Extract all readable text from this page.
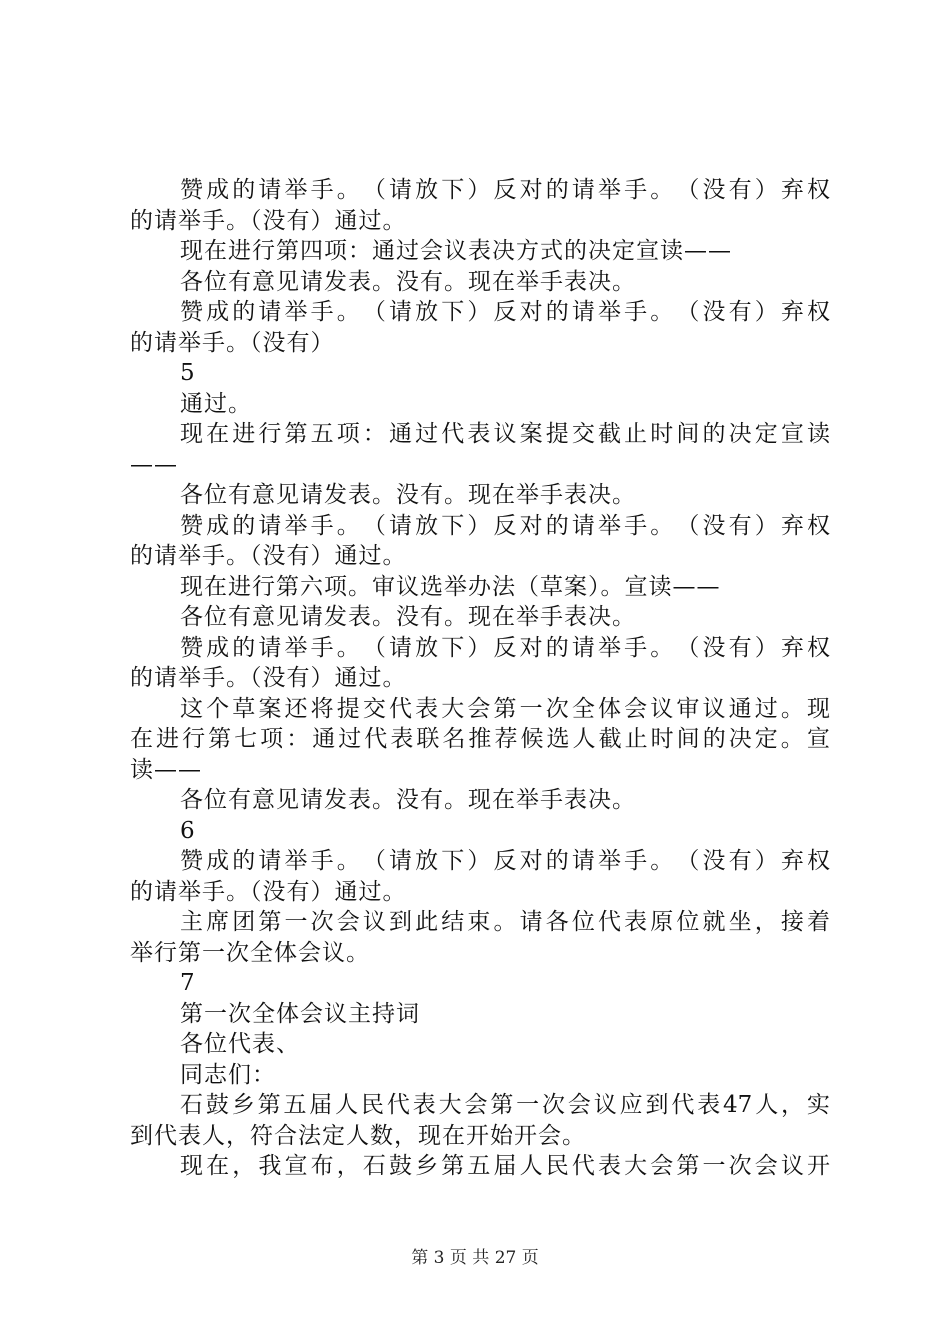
赞 成 的 请 举 手 。 （ 请 放 下 ） 反 对 的 请 举 手 。 （ 没 有 ） 弃 权
的请举手。（没有）通过。
现在进行第四项：通过会议表决方式的决定宣读——
各位有意见请发表。没有。现在举手表决。
赞 成 的 请 举 手 。 （ 请 放 下 ） 反 对 的 请 举 手 。 （ 没 有 ） 弃 权
的请举手。（没有）
5
通过。
现 在 进 行 第 五 项 ： 通 过 代 表 议 案 提 交 截 止 时 间 的 决 定 宣 读
——
各位有意见请发表。没有。现在举手表决。
赞 成 的 请 举 手 。 （ 请 放 下 ） 反 对 的 请 举 手 。 （ 没 有 ） 弃 权
的请举手。（没有）通过。
现在进行第六项。审议选举办法（草案）。宣读——
各位有意见请发表。没有。现在举手表决。
赞 成 的 请 举 手 。 （ 请 放 下 ） 反 对 的 请 举 手 。 （ 没 有 ） 弃 权
的请举手。（没有）通过。
这 个 草 案 还 将 提 交 代 表 大 会 第 一 次 全 体 会 议 审 议 通 过 。 现
在 进 行 第 七 项 ： 通 过 代 表 联 名 推 荐 候 选 人 截 止 时 间 的 决 定 。 宣
读——
各位有意见请发表。没有。现在举手表决。
6
赞 成 的 请 举 手 。 （ 请 放 下 ） 反 对 的 请 举 手 。 （ 没 有 ） 弃 权
的请举手。（没有）通过。
主 席 团 第 一 次 会 议 到 此 结 束 。 请 各 位 代 表 原 位 就 坐 ， 接 着
举行第一次全体会议。
7
第一次全体会议主持词
各位代表、
同志们：
石 鼓 乡 第 五 届 人 民 代 表 大 会 第 一 次 会 议 应 到 代 表 47 人 ， 实
到代表人，符合法定人数，现在开始开会。
现 在 ， 我 宣 布 ， 石 鼓 乡 第 五 届 人 民 代 表 大 会 第 一 次 会 议 开
第 3 页 共 27 页
